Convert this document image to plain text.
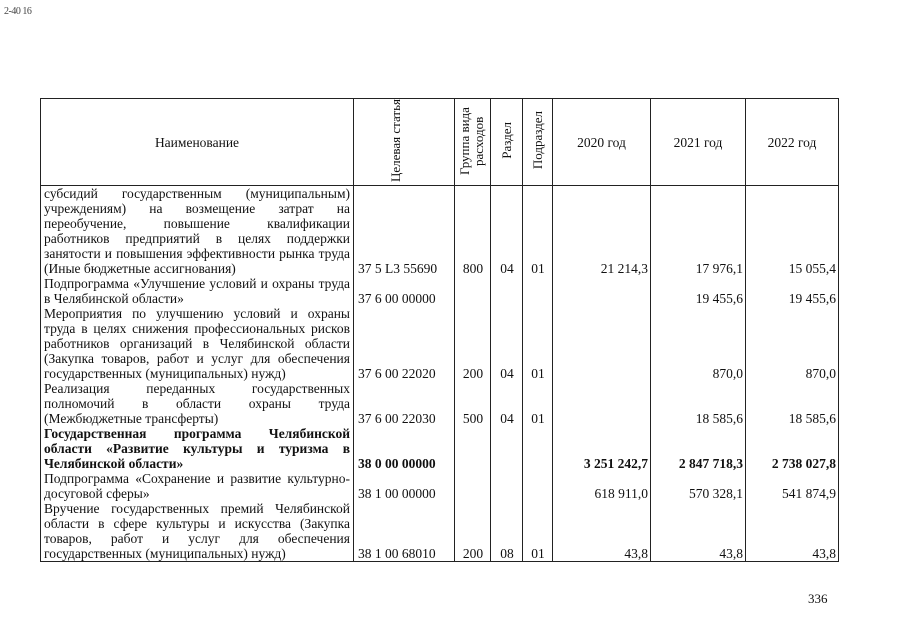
2-40 16
Наименование	Целевая статья	Группа вида расходов	Раздел	Подраздел	2020 год	2021 год	2022 год
субсидий государственным (муниципальным) учреждениям) на возмещение затрат на переобучение, повышение квалификации работников предприятий в целях поддержки занятости и повышения эффективности рынка труда (Иные бюджетные ассигнования)	37 5 L3 55690	800	04	01	21 214,3	17 976,1	15 055,4
Подпрограмма «Улучшение условий и охраны труда в Челябинской области»	37 6 00 00000					19 455,6	19 455,6
Мероприятия по улучшению условий и охраны труда в целях снижения профессиональных рисков работников организаций в Челябинской области (Закупка товаров, работ и услуг для обеспечения государственных (муниципальных) нужд)	37 6 00 22020	200	04	01		870,0	870,0
Реализация переданных государственных полномочий в области охраны труда (Межбюджетные трансферты)	37 6 00 22030	500	04	01		18 585,6	18 585,6
Государственная программа Челябинской области «Развитие культуры и туризма в Челябинской области»	38 0 00 00000				3 251 242,7	2 847 718,3	2 738 027,8
Подпрограмма «Сохранение и развитие культурно-досуговой сферы»	38 1 00 00000				618 911,0	570 328,1	541 874,9
Вручение государственных премий Челябинской области в сфере культуры и искусства (Закупка товаров, работ и услуг для обеспечения государственных (муниципальных) нужд)	38 1 00 68010	200	08	01	43,8	43,8	43,8
336
